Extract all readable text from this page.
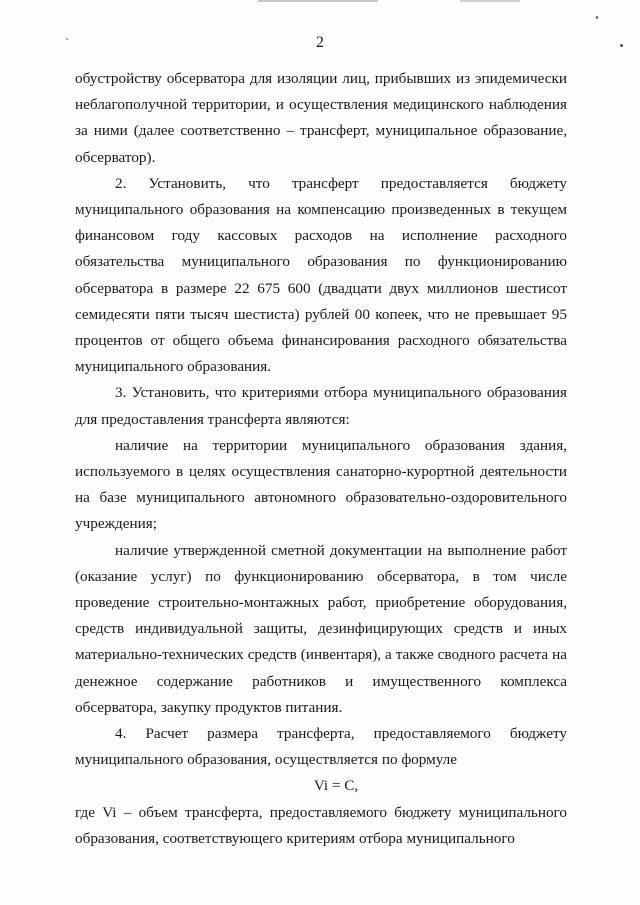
2

обустройству обсерватора для изоляции лиц, прибывших из эпидемически неблагополучной территории, и осуществления медицинского наблюдения за ними (далее соответственно – трансферт, муниципальное образование, обсерватор).

2. Установить, что трансферт предоставляется бюджету муниципального образования на компенсацию произведенных в текущем финансовом году кассовых расходов на исполнение расходного обязательства муниципального образования по функционированию обсерватора в размере 22 675 600 (двадцати двух миллионов шестисот семидесяти пяти тысяч шестиста) рублей 00 копеек, что не превышает 95 процентов от общего объема финансирования расходного обязательства муниципального образования.

3. Установить, что критериями отбора муниципального образования для предоставления трансферта являются:

наличие на территории муниципального образования здания, используемого в целях осуществления санаторно-курортной деятельности на базе муниципального автономного образовательно-оздоровительного учреждения;

наличие утвержденной сметной документации на выполнение работ (оказание услуг) по функционированию обсерватора, в том числе проведение строительно-монтажных работ, приобретение оборудования, средств индивидуальной защиты, дезинфицирующих средств и иных материально-технических средств (инвентаря), а также сводного расчета на денежное содержание работников и имущественного комплекса обсерватора, закупку продуктов питания.

4. Расчет размера трансферта, предоставляемого бюджету муниципального образования, осуществляется по формуле

Vi = C,

где Vi – объем трансферта, предоставляемого бюджету муниципального образования, соответствующего критериям отбора муниципального
